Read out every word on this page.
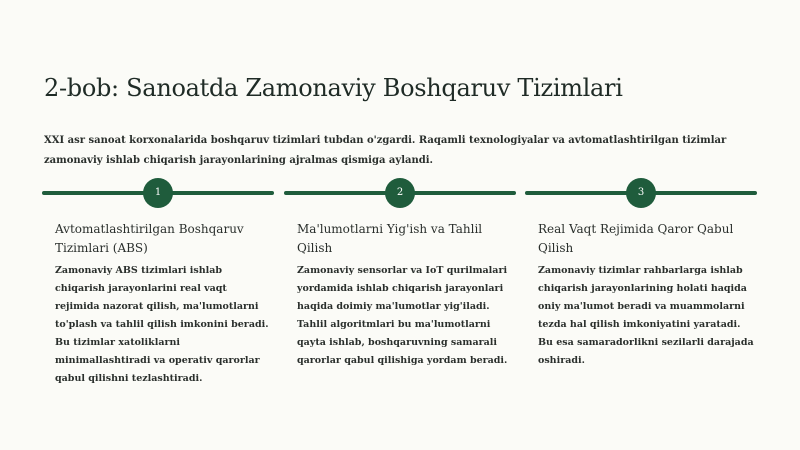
2-bob: Sanoatda Zamonaviy Boshqaruv Tizimlari

XXI asr sanoat korxonalarida boshqaruv tizimlari tubdan o'zgardi. Raqamli texnologiyalar va avtomatlashtirilgan tizimlar zamonaviy ishlab chiqarish jarayonlarining ajralmas qismiga aylandi.

1
Avtomatlashtirilgan Boshqaruv Tizimlari (ABS)

Zamonaviy ABS tizimlari ishlab chiqarish jarayonlarini real vaqt rejimida nazorat qilish, ma'lumotlarni to'plash va tahlil qilish imkonini beradi. Bu tizimlar xatoliklarni minimallashtiradi va operativ qarorlar qabul qilishni tezlashtiradi.

2
Ma'lumotlarni Yig'ish va Tahlil Qilish

Zamonaviy sensorlar va IoT qurilmalari yordamida ishlab chiqarish jarayonlari haqida doimiy ma'lumotlar yig'iladi. Tahlil algoritmlari bu ma'lumotlarni qayta ishlab, boshqaruvning samarali qarorlar qabul qilishiga yordam beradi.

3
Real Vaqt Rejimida Qaror Qabul Qilish

Zamonaviy tizimlar rahbarlarga ishlab chiqarish jarayonlarining holati haqida oniy ma'lumot beradi va muammolarni tezda hal qilish imkoniyatini yaratadi. Bu esa samaradorlikni sezilarli darajada oshiradi.
